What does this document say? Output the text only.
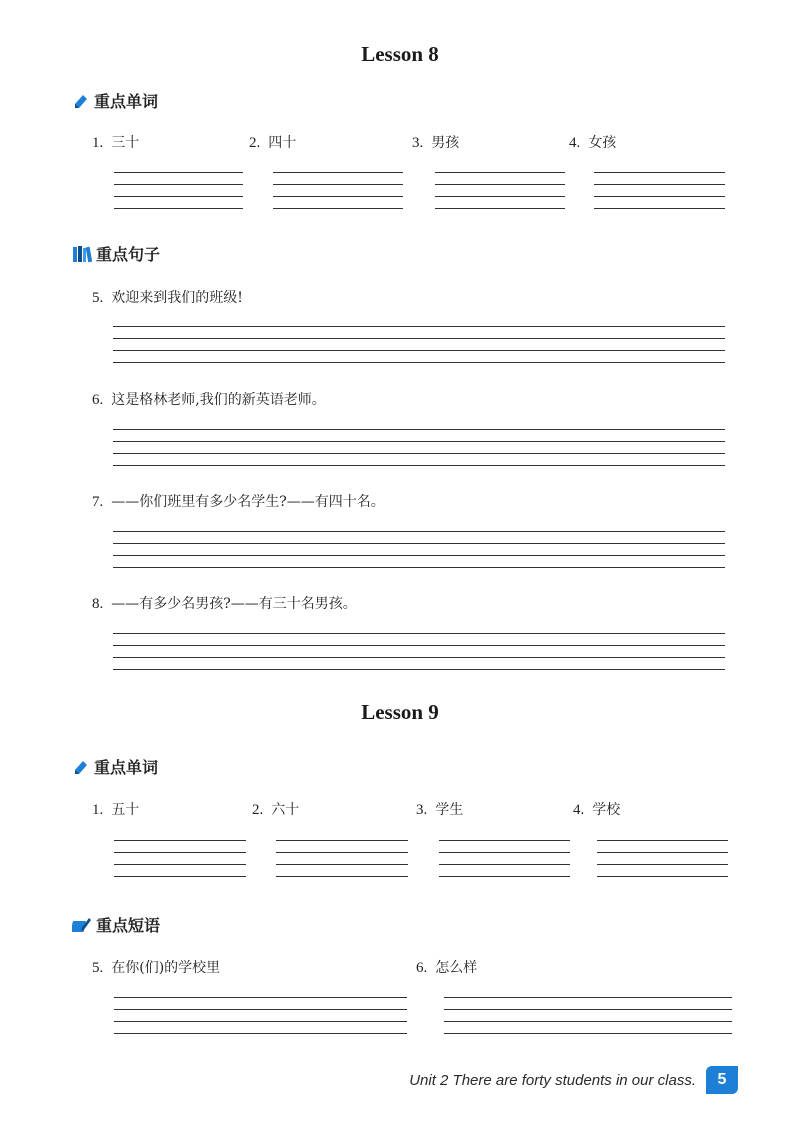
Lesson 8
重点单词
1. 三十	2. 四十	3. 男孩	4. 女孩
重点句子
5. 欢迎来到我们的班级!
6. 这是格林老师,我们的新英语老师。
7. ——你们班里有多少名学生?——有四十名。
8. ——有多少名男孩?——有三十名男孩。
Lesson 9
重点单词
1. 五十	2. 六十	3. 学生	4. 学校
重点短语
5. 在你(们)的学校里	6. 怎么样
Unit 2 There are forty students in our class.	5
